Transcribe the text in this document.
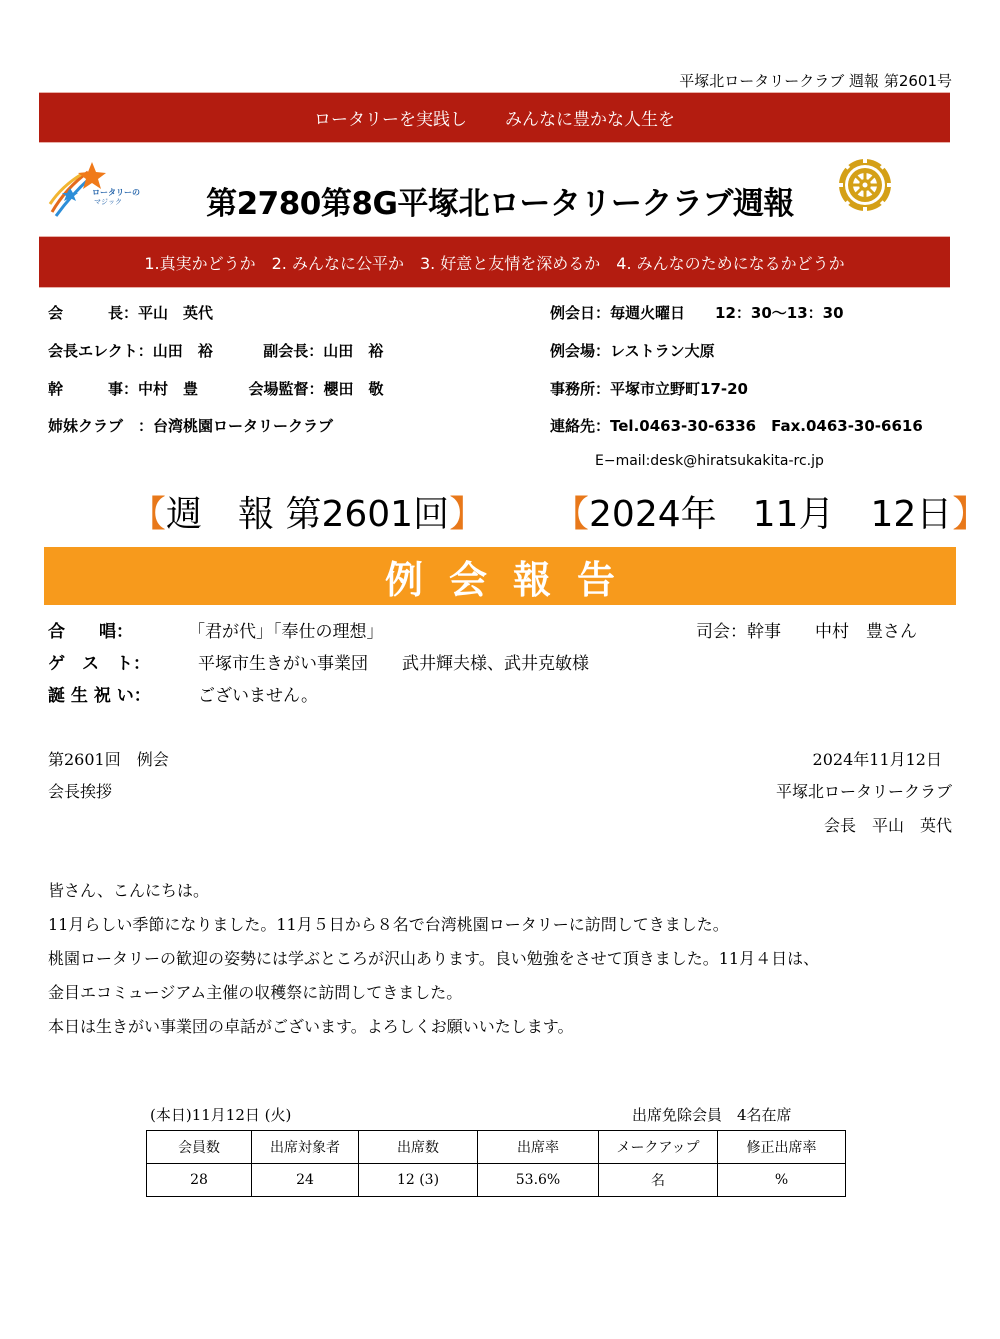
平塚北ロータリークラブ 週報 第2601号
ロータリーを実践し みんなに豊かな人生を
ロータリーの
マジック	第2780第8G平塚北ロータリークラブ週報
1.真実かどうか　2. みんなに公平か　3. 好意と友情を深めるか　4. みんなのためになるかどうか
会　　　長：平山　英代
会長エレクト：山田　裕	副会長：山田　裕
幹　　　事：中村　豊	会場監督：櫻田　敬
姉妹クラブ　：台湾桃園ロータリークラブ
例会日：毎週火曜日　　12：30～13：30
例会場：レストラン大原
事務所：平塚市立野町17-20
連絡先：Tel.0463-30-6336　Fax.0463-30-6616
E−mail:desk@hiratsukakita-rc.jp
【週　報 第2601回】 【2024年　11月　12日】
例会報告
合　　唱：	「君が代」「奉仕の理想」	司会：幹事　　中村　豊さん
ゲ　ス　ト：	平塚市生きがい事業団　　武井輝夫様、武井克敏様
誕 生 祝 い：	ございません。
第2601回　例会	2024年11月12日
会長挨拶	平塚北ロータリークラブ
会長　平山　英代
皆さん、こんにちは。
11月らしい季節になりました。11月５日から８名で台湾桃園ロータリーに訪問してきました。
桃園ロータリーの歓迎の姿勢には学ぶところが沢山あります。良い勉強をさせて頂きました。11月４日は、
金目エコミュージアム主催の収穫祭に訪問してきました。
本日は生きがい事業団の卓話がございます。よろしくお願いいたします。
(本日)11月12日 (火)	出席免除会員　4名在席
会員数	出席対象者	出席数	出席率	メークアップ	修正出席率
28	24	12 (3)	53.6%	名	%
